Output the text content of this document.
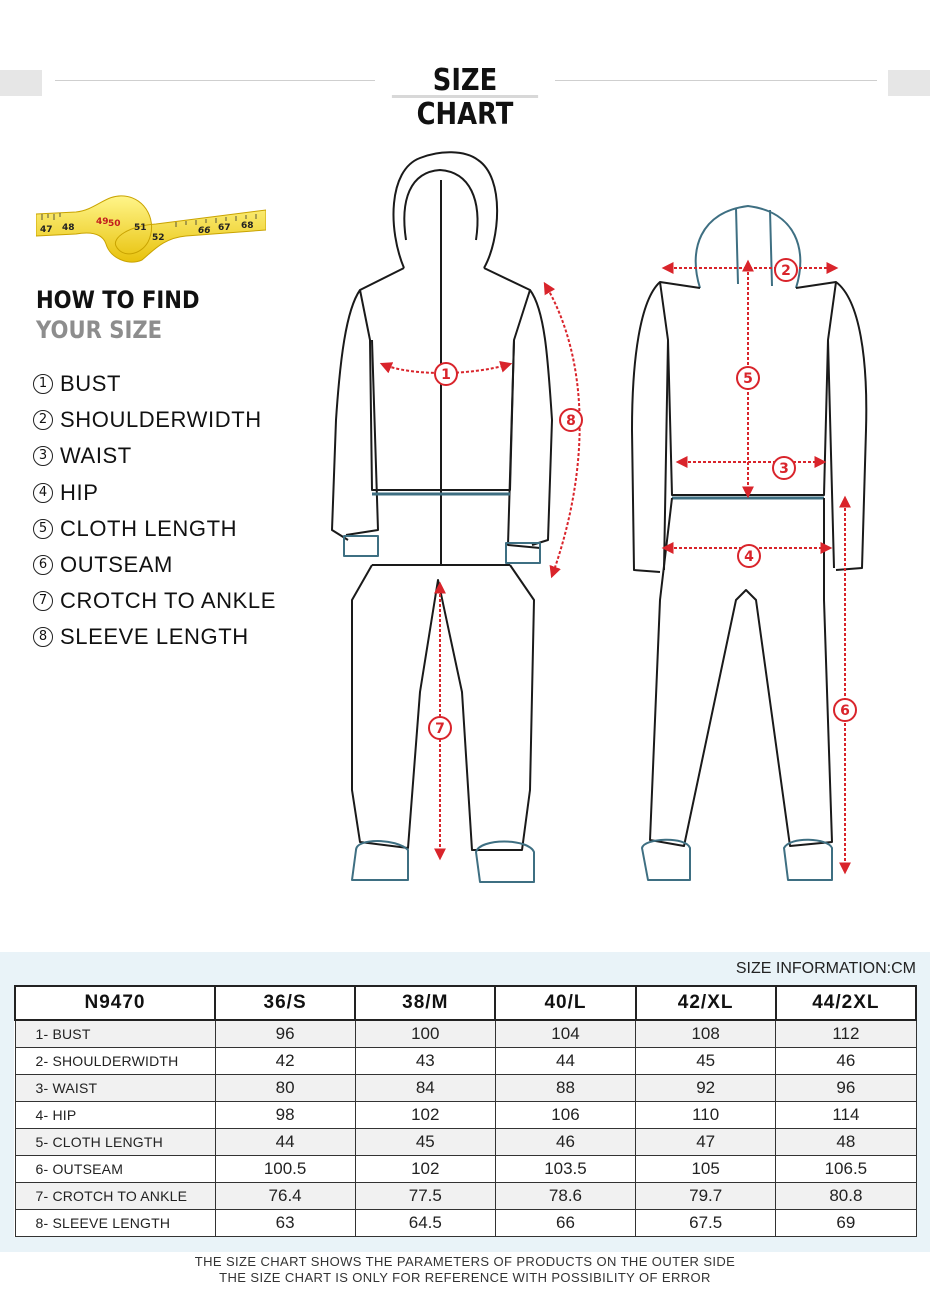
SIZE CHART
47 48
49 50 51
52
66 67 68
HOW TO FIND
YOUR SIZE
1 BUST
2 SHOULDERWIDTH
3 WAIST
4 HIP
5 CLOTH LENGTH
6 OUTSEAM
7 CROTCH TO ANKLE
8 SLEEVE LENGTH
1
8
7
2
5
3
4
6
SIZE INFORMATION:CM
N9470	36/S	38/M	40/L	42/XL	44/2XL
1- BUST	96	100	104	108	112
2- SHOULDERWIDTH	42	43	44	45	46
3- WAIST	80	84	88	92	96
4- HIP	98	102	106	110	114
5- CLOTH LENGTH	44	45	46	47	48
6- OUTSEAM	100.5	102	103.5	105	106.5
7- CROTCH TO ANKLE	76.4	77.5	78.6	79.7	80.8
8- SLEEVE LENGTH	63	64.5	66	67.5	69
THE SIZE CHART SHOWS THE PARAMETERS OF PRODUCTS ON THE OUTER SIDE
THE SIZE CHART IS ONLY FOR REFERENCE WITH POSSIBILITY OF ERROR
